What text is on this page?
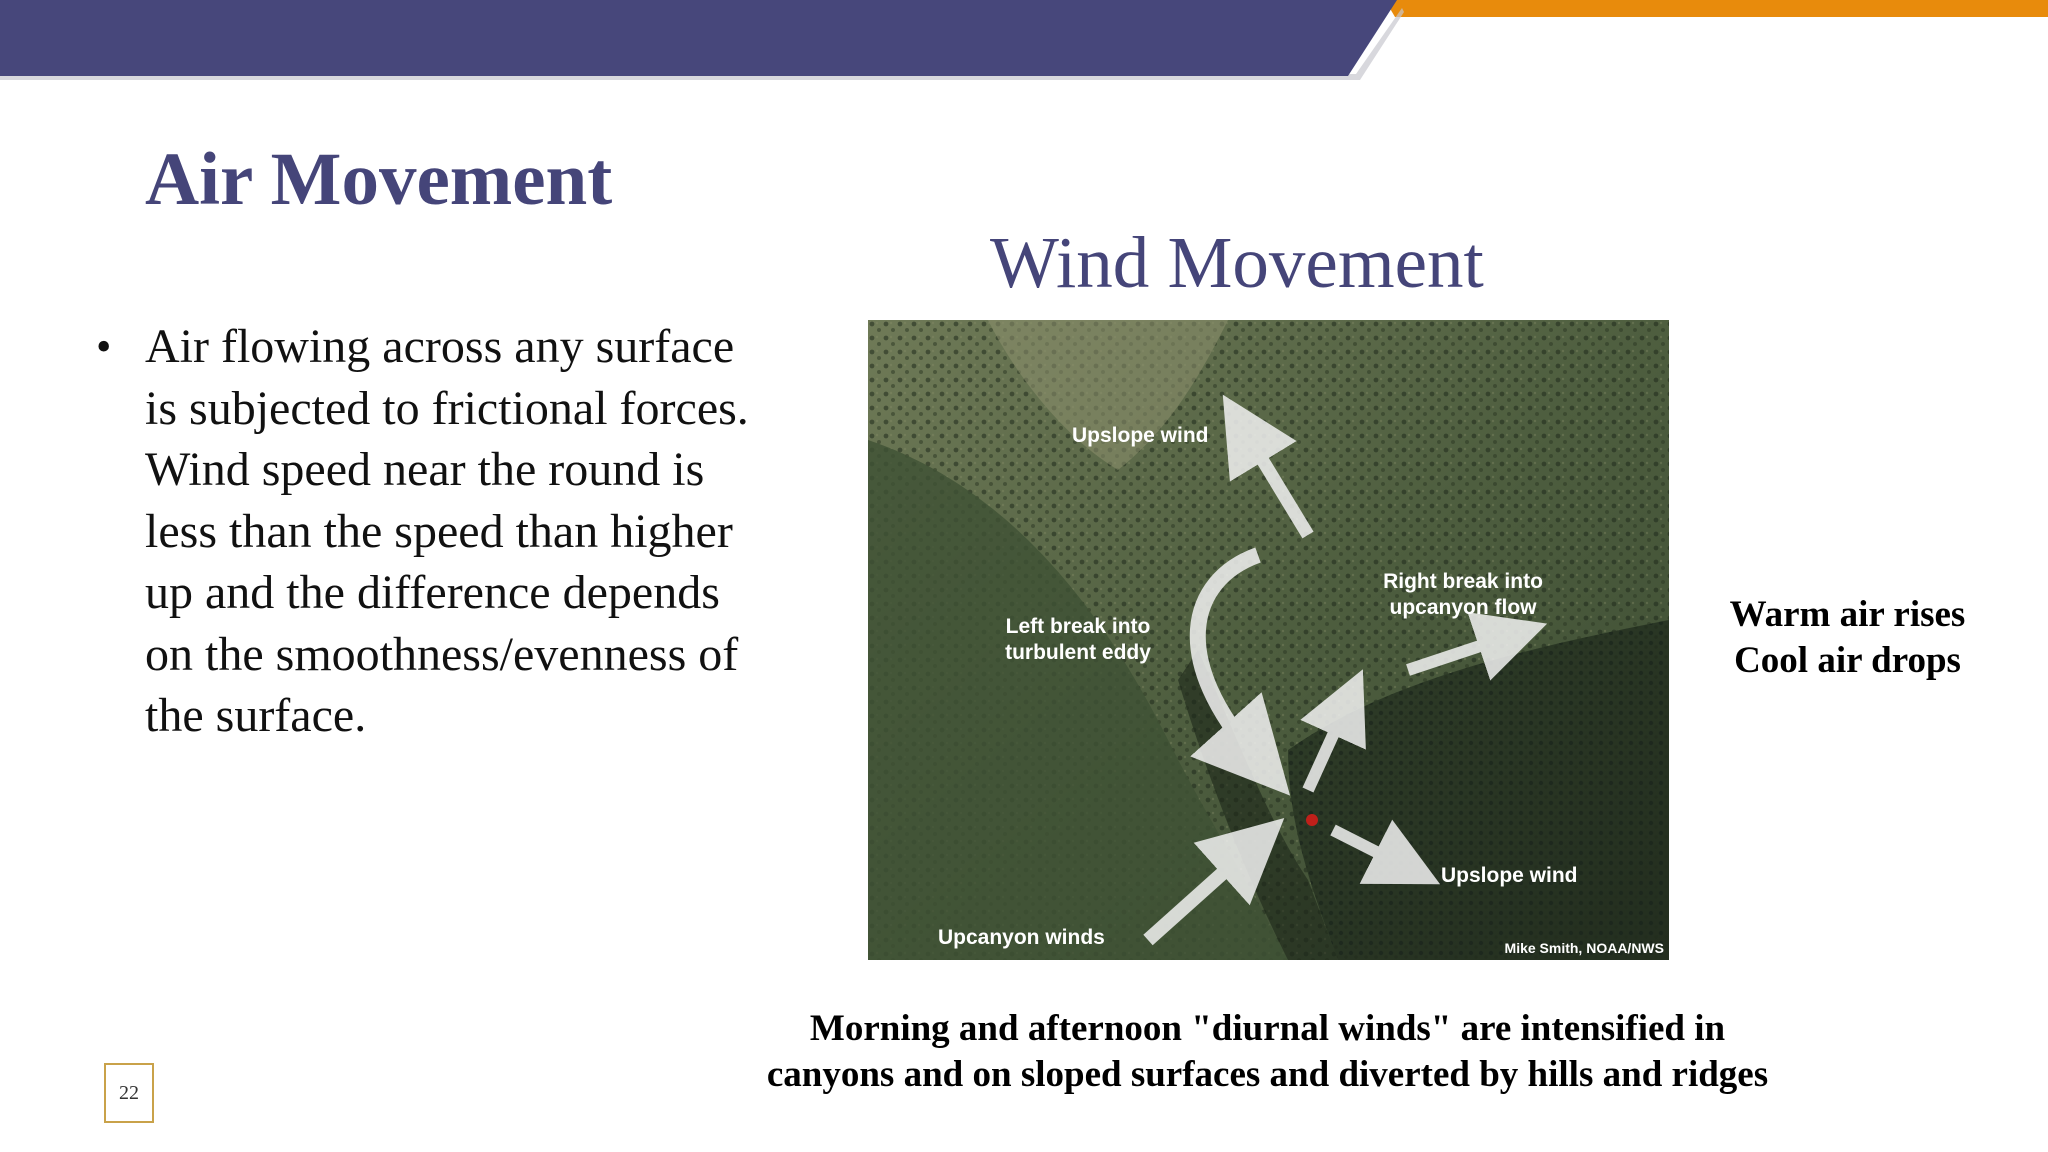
Air Movement
• Air flowing across any surface is subjected to frictional forces. Wind speed near the round is less than the speed than higher up and the difference depends on the smoothness/evenness of the surface.
Wind Movement
Upslope wind
Right break into
upcanyon flow
Left break into
turbulent eddy
Upslope wind
Upcanyon winds	Mike Smith, NOAA/NWS
Warm air rises
Cool air drops
Morning and afternoon "diurnal winds" are intensified in
canyons and on sloped surfaces and diverted by hills and ridges
22
